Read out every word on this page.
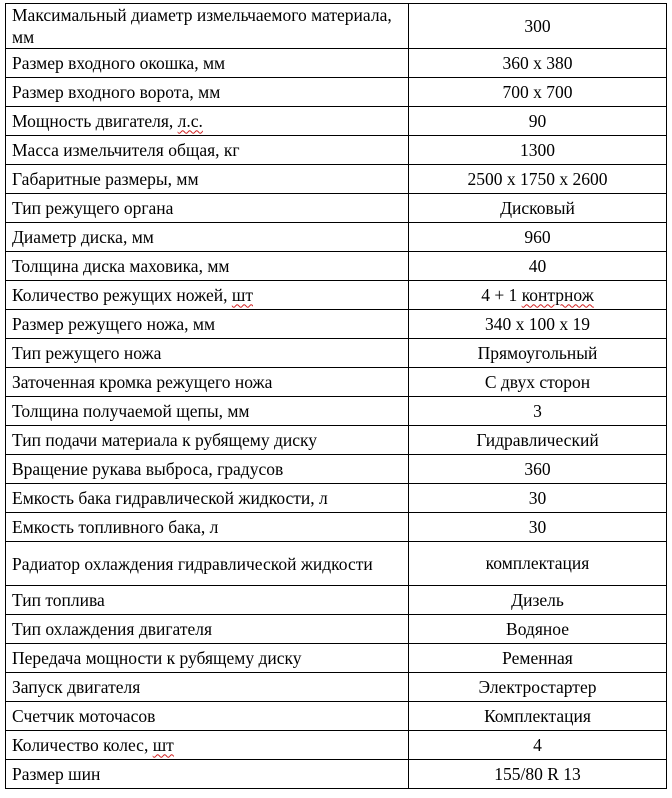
Максимальный диаметр измельчаемого материала, мм	300
Размер входного окошка, мм	360 х 380
Размер входного ворота, мм	700 х 700
Мощность двигателя, л.с.	90
Масса измельчителя общая, кг	1300
Габаритные размеры, мм	2500 х 1750 х 2600
Тип режущего органа	Дисковый
Диаметр диска, мм	960
Толщина диска маховика, мм	40
Количество режущих ножей, шт	4 + 1 контрнож
Размер режущего ножа, мм	340 х 100 х 19
Тип режущего ножа	Прямоугольный
Заточенная кромка режущего ножа	С двух сторон
Толщина получаемой щепы, мм	3
Тип подачи материала к рубящему диску	Гидравлический
Вращение рукава выброса, градусов	360
Емкость бака гидравлической жидкости, л	30
Емкость топливного бака, л	30
Радиатор охлаждения гидравлической жидкости	комплектация
Тип топлива	Дизель
Тип охлаждения двигателя	Водяное
Передача мощности к рубящему диску	Ременная
Запуск двигателя	Электростартер
Счетчик моточасов	Комплектация
Количество колес, шт	4
Размер шин	155/80 R 13
